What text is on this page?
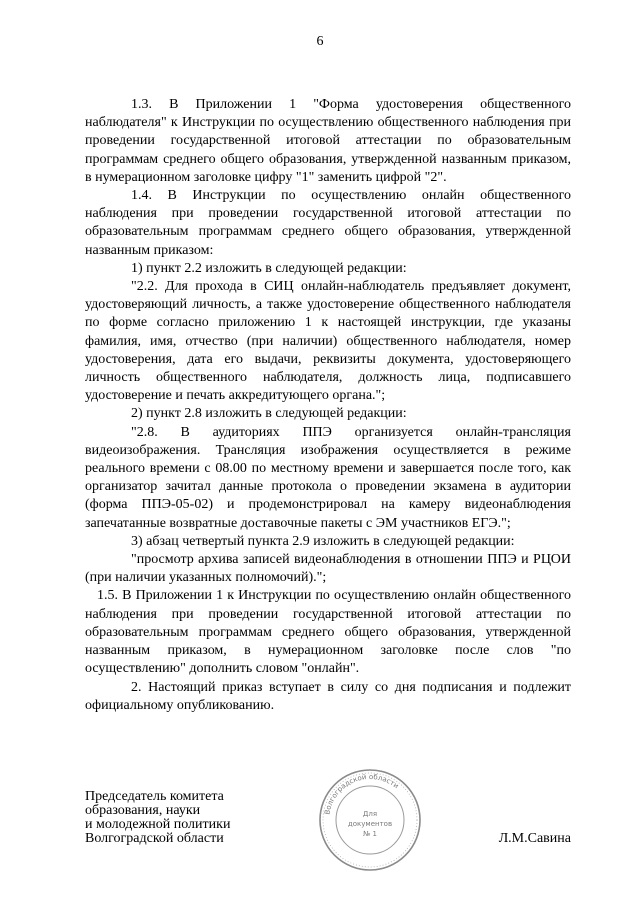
6

1.3. В Приложении 1 "Форма удостоверения общественного наблюдателя" к Инструкции по осуществлению общественного наблюдения при проведении государственной итоговой аттестации по образовательным программам среднего общего образования, утвержденной названным приказом, в нумерационном заголовке цифру "1" заменить цифрой "2".

1.4. В Инструкции по осуществлению онлайн общественного наблюдения при проведении государственной итоговой аттестации по образовательным программам среднего общего образования, утвержденной названным приказом:

1) пункт 2.2 изложить в следующей редакции:

"2.2. Для прохода в СИЦ онлайн-наблюдатель предъявляет документ, удостоверяющий личность, а также удостоверение общественного наблюдателя по форме согласно приложению 1 к настоящей инструкции, где указаны фамилия, имя, отчество (при наличии) общественного наблюдателя, номер удостоверения, дата его выдачи, реквизиты документа, удостоверяющего личность общественного наблюдателя, должность лица, подписавшего удостоверение и печать аккредитующего органа.";

2) пункт 2.8 изложить в следующей редакции:

"2.8. В аудиториях ППЭ организуется онлайн-трансляция видеоизображения. Трансляция изображения осуществляется в режиме реального времени с 08.00 по местному времени и завершается после того, как организатор зачитал данные протокола о проведении экзамена в аудитории (форма ППЭ-05-02) и продемонстрировал на камеру видеонаблюдения запечатанные возвратные доставочные пакеты с ЭМ участников ЕГЭ.";

3) абзац четвертый пункта 2.9 изложить в следующей редакции:

"просмотр архива записей видеонаблюдения в отношении ППЭ и РЦОИ (при наличии указанных полномочий).";

1.5. В Приложении 1 к Инструкции по осуществлению онлайн общественного наблюдения при проведении государственной итоговой аттестации по образовательным программам среднего общего образования, утвержденной названным приказом, в нумерационном заголовке после слов "по осуществлению" дополнить словом "онлайн".

2. Настоящий приказ вступает в силу со дня подписания и подлежит официальному опубликованию.

Председатель комитета
образования, науки
и молодежной политики
Волгоградской области	Л.М.Савина
Волгоградской области
Для
документов
№ 1
